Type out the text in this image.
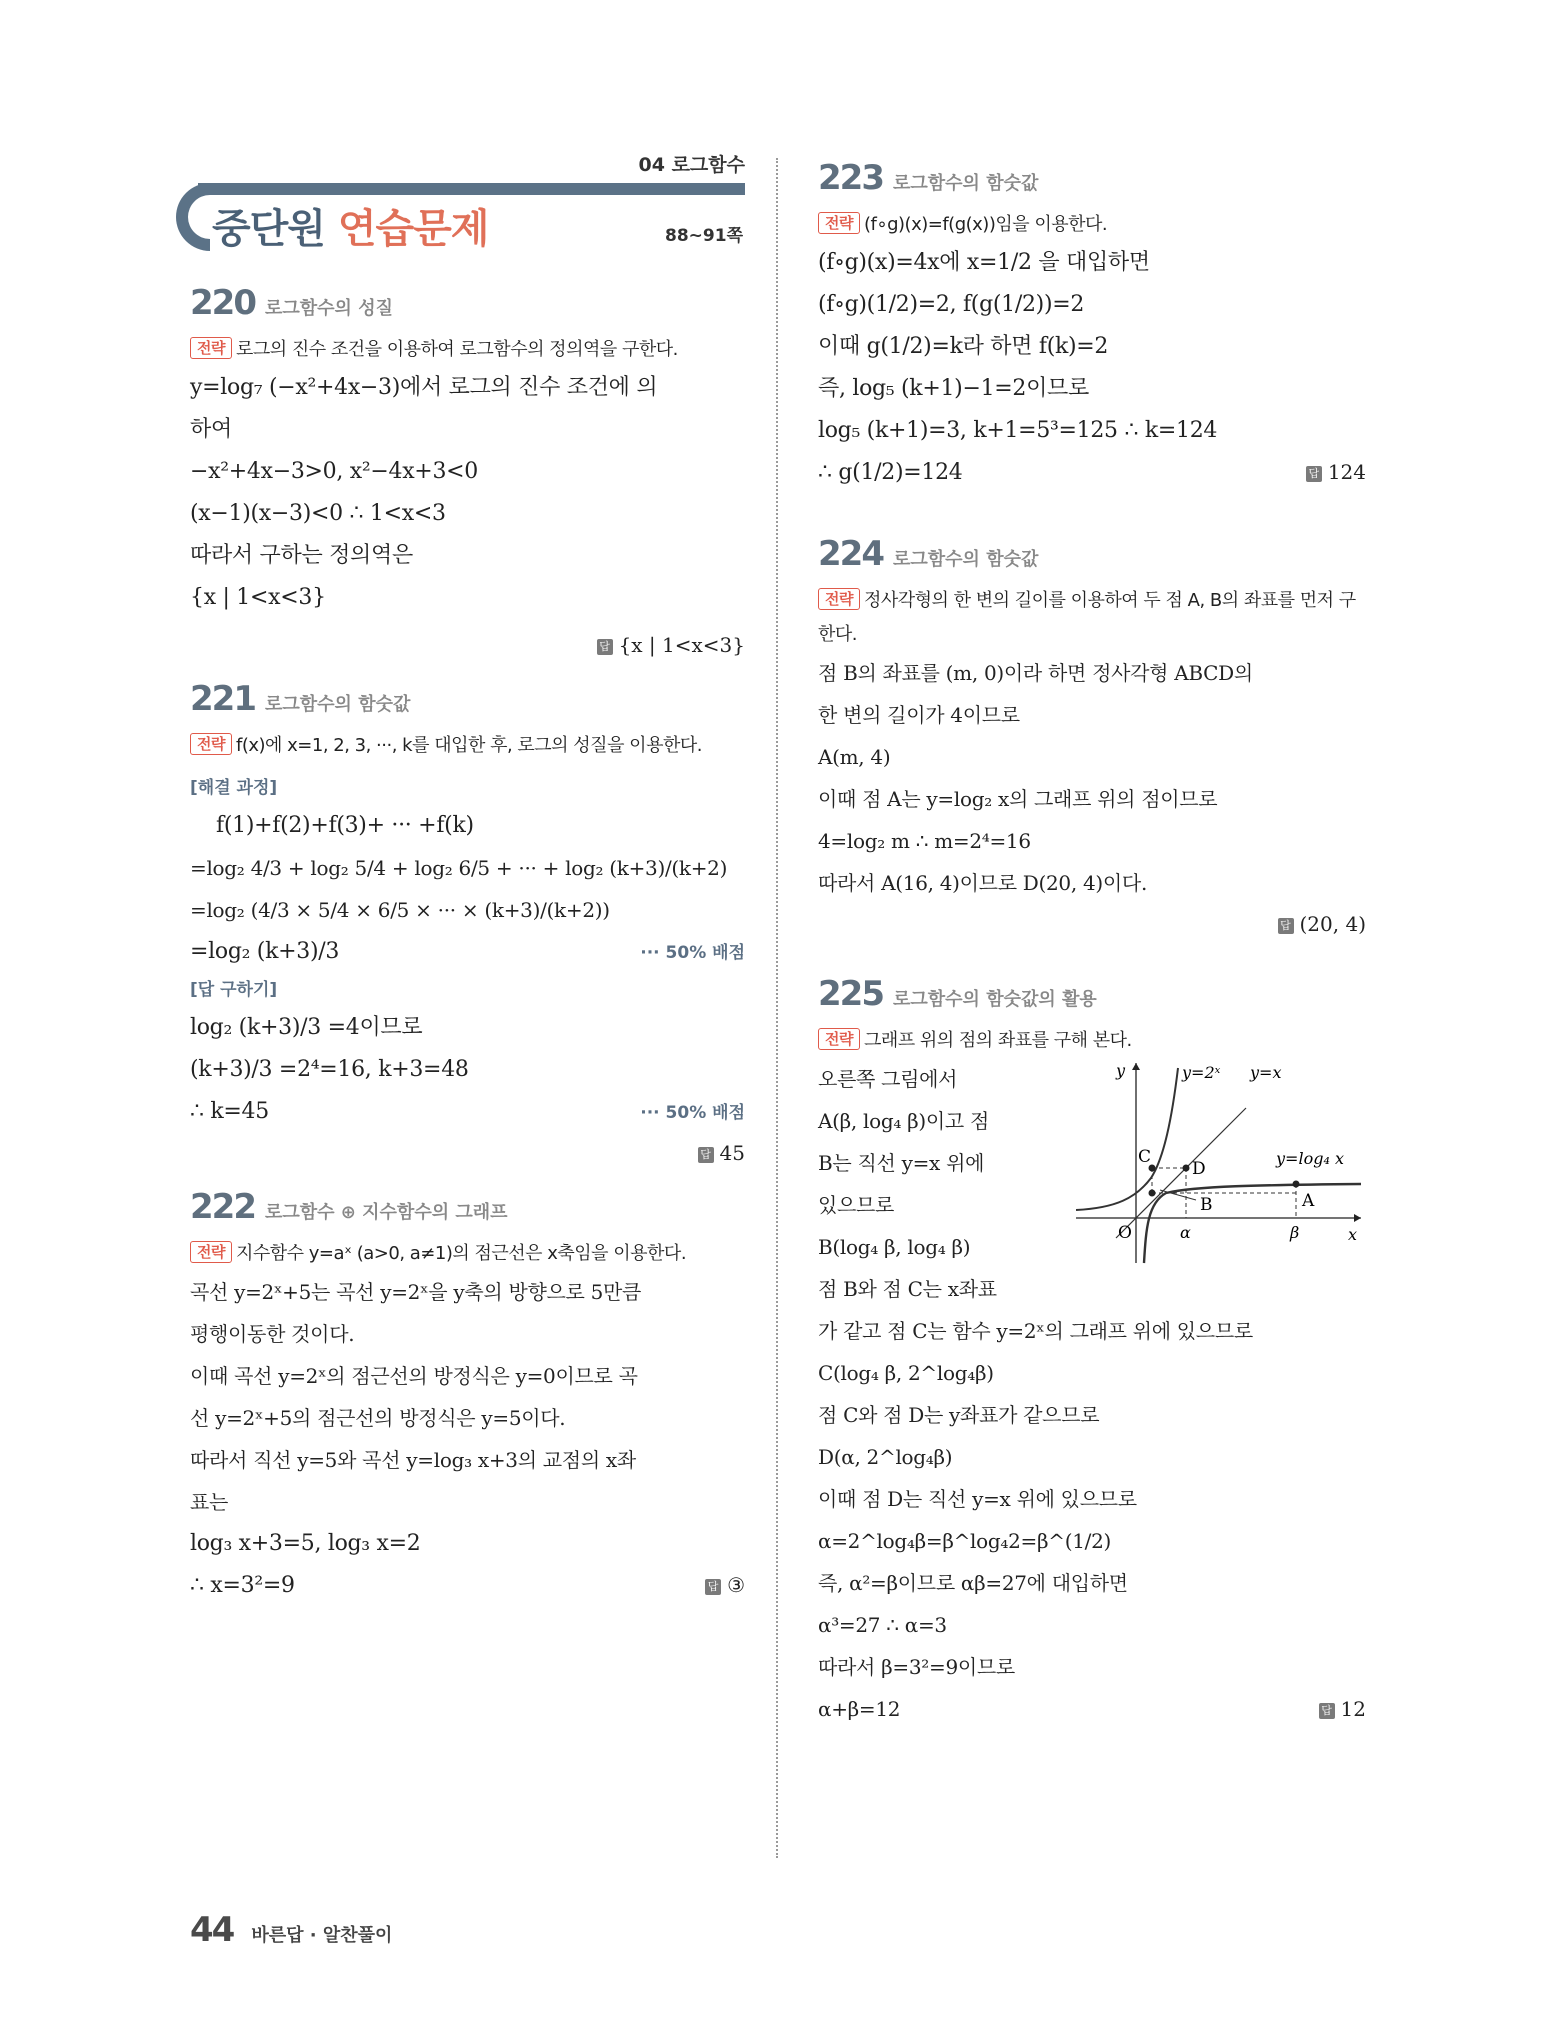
04 로그함수
중단원 연습문제	88~91쪽
220 로그함수의 성질
전략 로그의 진수 조건을 이용하여 로그함수의 정의역을 구한다.
y=log₇ (−x²+4x−3)에서 로그의 진수 조건에 의
하여
−x²+4x−3>0, x²−4x+3<0
(x−1)(x−3)<0 ∴ 1<x<3
따라서 구하는 정의역은
{x | 1<x<3}
답 {x | 1<x<3}
221 로그함수의 함숫값
전략 f(x)에 x=1, 2, 3, ···, k를 대입한 후, 로그의 성질을 이용한다.
[해결 과정]
f(1)+f(2)+f(3)+ ··· +f(k)
=log₂ 4/3 + log₂ 5/4 + log₂ 6/5 + ··· + log₂ (k+3)/(k+2)
=log₂ (4/3 × 5/4 × 6/5 × ··· × (k+3)/(k+2))
=log₂ (k+3)/3	··· 50% 배점
[답 구하기]
log₂ (k+3)/3 =4이므로
(k+3)/3 =2⁴=16, k+3=48
∴ k=45	··· 50% 배점
답 45
222 로그함수 ⊕ 지수함수의 그래프
전략 지수함수 y=aˣ (a>0, a≠1)의 점근선은 x축임을 이용한다.
곡선 y=2ˣ+5는 곡선 y=2ˣ을 y축의 방향으로 5만큼
평행이동한 것이다.
이때 곡선 y=2ˣ의 점근선의 방정식은 y=0이므로 곡
선 y=2ˣ+5의 점근선의 방정식은 y=5이다.
따라서 직선 y=5와 곡선 y=log₃ x+3의 교점의 x좌
표는
log₃ x+3=5, log₃ x=2
∴ x=3²=9	답 ③
223 로그함수의 함숫값
전략 (f∘g)(x)=f(g(x))임을 이용한다.
(f∘g)(x)=4x에 x=1/2 을 대입하면
(f∘g)(1/2)=2, f(g(1/2))=2
이때 g(1/2)=k라 하면 f(k)=2
즉, log₅ (k+1)−1=2이므로
log₅ (k+1)=3, k+1=5³=125 ∴ k=124
∴ g(1/2)=124	답 124
224 로그함수의 함숫값
전략 정사각형의 한 변의 길이를 이용하여 두 점 A, B의 좌표를 먼저 구한다.
점 B의 좌표를 (m, 0)이라 하면 정사각형 ABCD의
한 변의 길이가 4이므로
A(m, 4)
이때 점 A는 y=log₂ x의 그래프 위의 점이므로
4=log₂ m ∴ m=2⁴=16
따라서 A(16, 4)이므로 D(20, 4)이다.
답 (20, 4)
225 로그함수의 함숫값의 활용
전략 그래프 위의 점의 좌표를 구해 본다.
y
x
O
y=2ˣ y=x
y=log₄ x
A
B
C
D
α	β
오른쪽 그림에서
A(β, log₄ β)이고 점
B는 직선 y=x 위에
있으므로
B(log₄ β, log₄ β)
점 B와 점 C는 x좌표
가 같고 점 C는 함수 y=2ˣ의 그래프 위에 있으므로
C(log₄ β, 2^log₄β)
점 C와 점 D는 y좌표가 같으므로
D(α, 2^log₄β)
이때 점 D는 직선 y=x 위에 있으므로
α=2^log₄β=β^log₄2=β^(1/2)
즉, α²=β이므로 αβ=27에 대입하면
α³=27 ∴ α=3
따라서 β=3²=9이므로
α+β=12	답 12
44 바른답 · 알찬풀이
